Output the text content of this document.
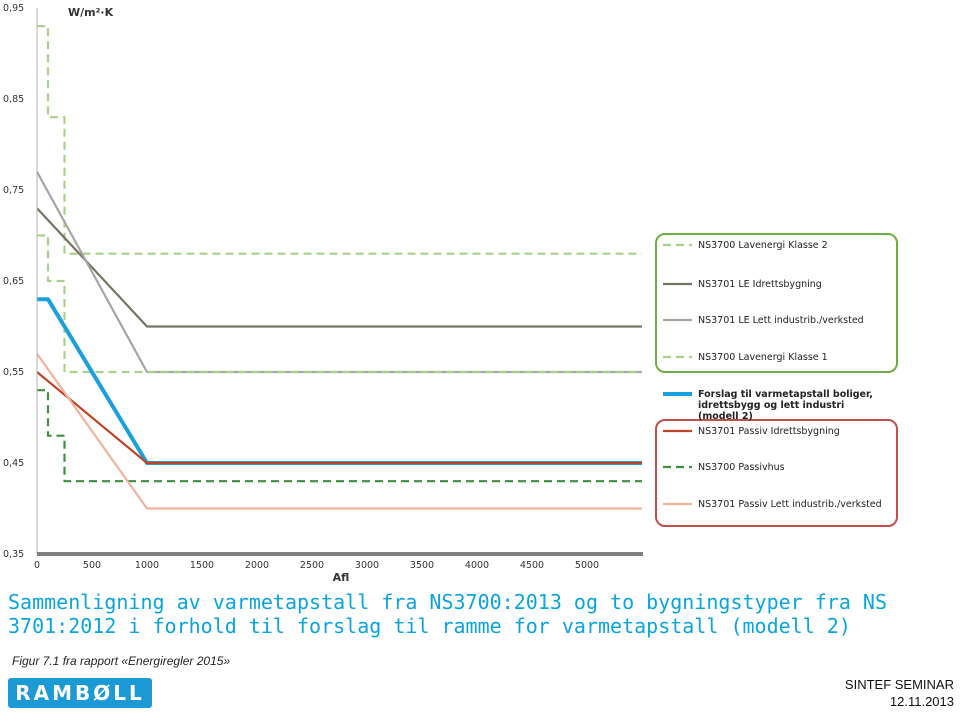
0,35
0,45
0,55
0,65
0,75
0,85
0,95
0	500	1000	1500	2000	2500	3000	3500	4000	4500	5000
W/m²·K
Afl
NS3700 Lavenergi Klasse 2
NS3701 LE Idrettsbygning
NS3701 LE Lett industrib./verksted
NS3700 Lavenergi Klasse 1
Forslag til varmetapstall boliger,
idrettsbygg og lett industri
(modell 2)
NS3701 Passiv Idrettsbygning
NS3700 Passivhus
NS3701 Passiv Lett industrib./verksted

Sammenligning av varmetapstall fra NS3700:2013 og to bygningstyper fra NS 3701:2012 i forhold til forslag til ramme for varmetapstall (modell 2)

Figur 7.1 fra rapport «Energiregler 2015»
RAMBØLL	SINTEF SEMINAR
12.11.2013
